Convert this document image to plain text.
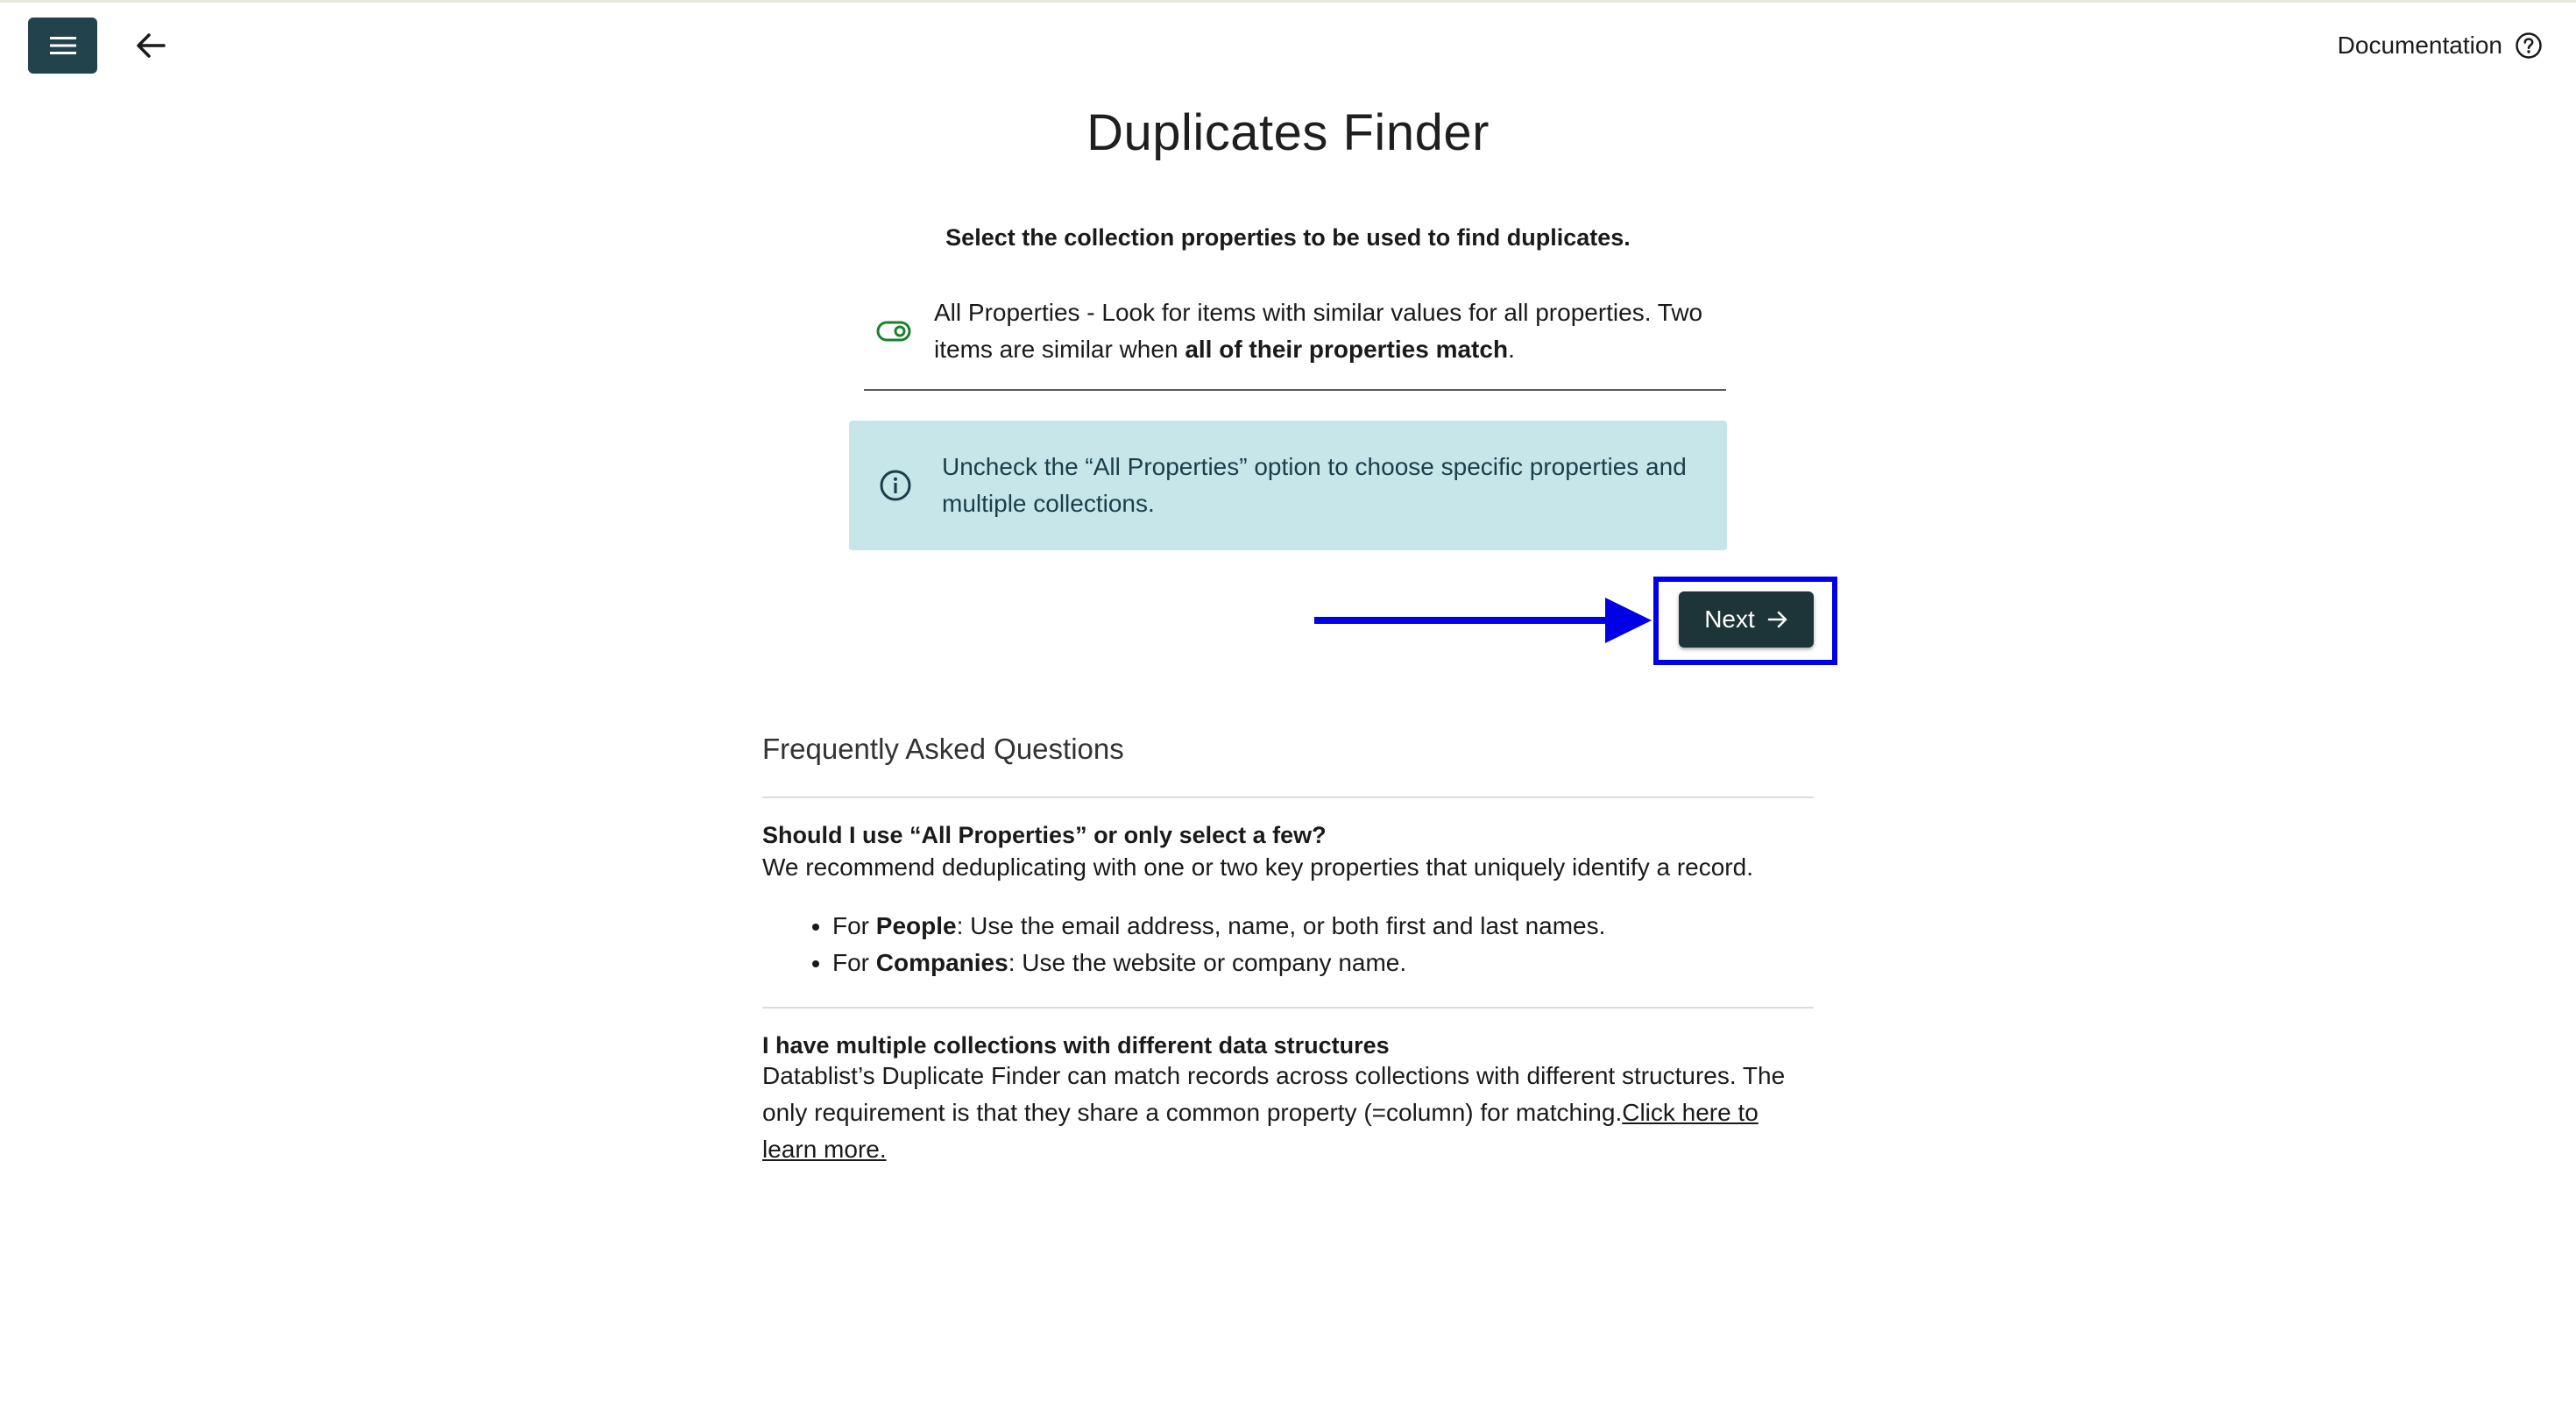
Documentation
Duplicates Finder
Select the collection properties to be used to find duplicates.
All Properties - Look for items with similar values for all properties. Two items are similar when all of their properties match.
Uncheck the “All Properties” option to choose specific properties and multiple collections.
Next
Frequently Asked Questions
Should I use “All Properties” or only select a few?
We recommend deduplicating with one or two key properties that uniquely identify a record.
• For People: Use the email address, name, or both first and last names.
• For Companies: Use the website or company name.
I have multiple collections with different data structures
Datablist’s Duplicate Finder can match records across collections with different structures. The only requirement is that they share a common property (=column) for matching.Click here to learn more.
